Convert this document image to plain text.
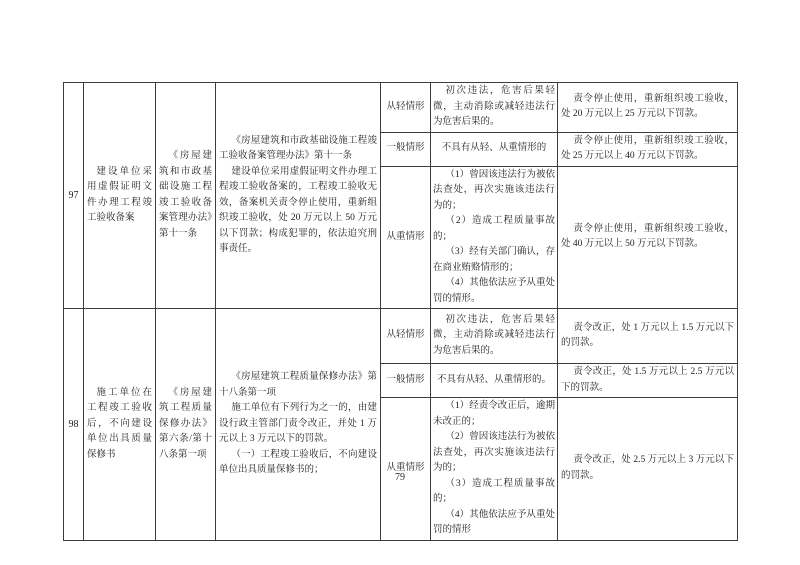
97	建设单位采用虚假证明文件办理工程竣工验收备案	《房屋建筑和市政基础设施工程竣工验收备案管理办法》第十一条	《房屋建筑和市政基础设施工程竣工验收备案管理办法》第十一条

建设单位采用虚假证明文件办理工程竣工验收备案的，工程竣工验收无效，备案机关责令停止使用，重新组织竣工验收，处 20 万元以上 50 万元以下罚款；构成犯罪的，依法追究刑事责任。	从轻情形	初次违法，危害后果轻微，主动消除或减轻违法行为危害后果的。	责令停止使用，重新组织竣工验收，处 20 万元以上 25 万元以下罚款。

				一般情形	不具有从轻、从重情形的	责令停止使用，重新组织竣工验收，处 25 万元以上 40 万元以下罚款。

				从重情形	（1）曾因该违法行为被依法查处，再次实施该违法行为的；

（2）造成工程质量事故的；

（3）经有关部门确认，存在商业贿赂情形的；

（4）其他依法应予从重处罚的情形。	责令停止使用，重新组织竣工验收，处 40 万元以上 50 万元以下罚款。

98	施工单位在工程竣工验收后，不向建设单位出具质量保修书	《房屋建筑工程质量保修办法》第六条/第十八条第一项	《房屋建筑工程质量保修办法》第十八条第一项

施工单位有下列行为之一的，由建设行政主管部门责令改正，并处 1 万元以上 3 万元以下的罚款。

（一）工程竣工验收后，不向建设单位出具质量保修书的；	从轻情形	初次违法，危害后果轻微，主动消除或减轻违法行为危害后果的。	责令改正，处 1 万元以上 1.5 万元以下的罚款。

				一般情形	不具有从轻、从重情形的。	责令改正，处 1.5 万元以上 2.5 万元以下的罚款。

				从重情形	（1）经责令改正后，逾期未改正的；

（2）曾因该违法行为被依法查处，再次实施该违法行为的；

（3）造成工程质量事故的；

（4）其他依法应予从重处罚的情形	责令改正，处 2.5 万元以上 3 万元以下的罚款。

79
